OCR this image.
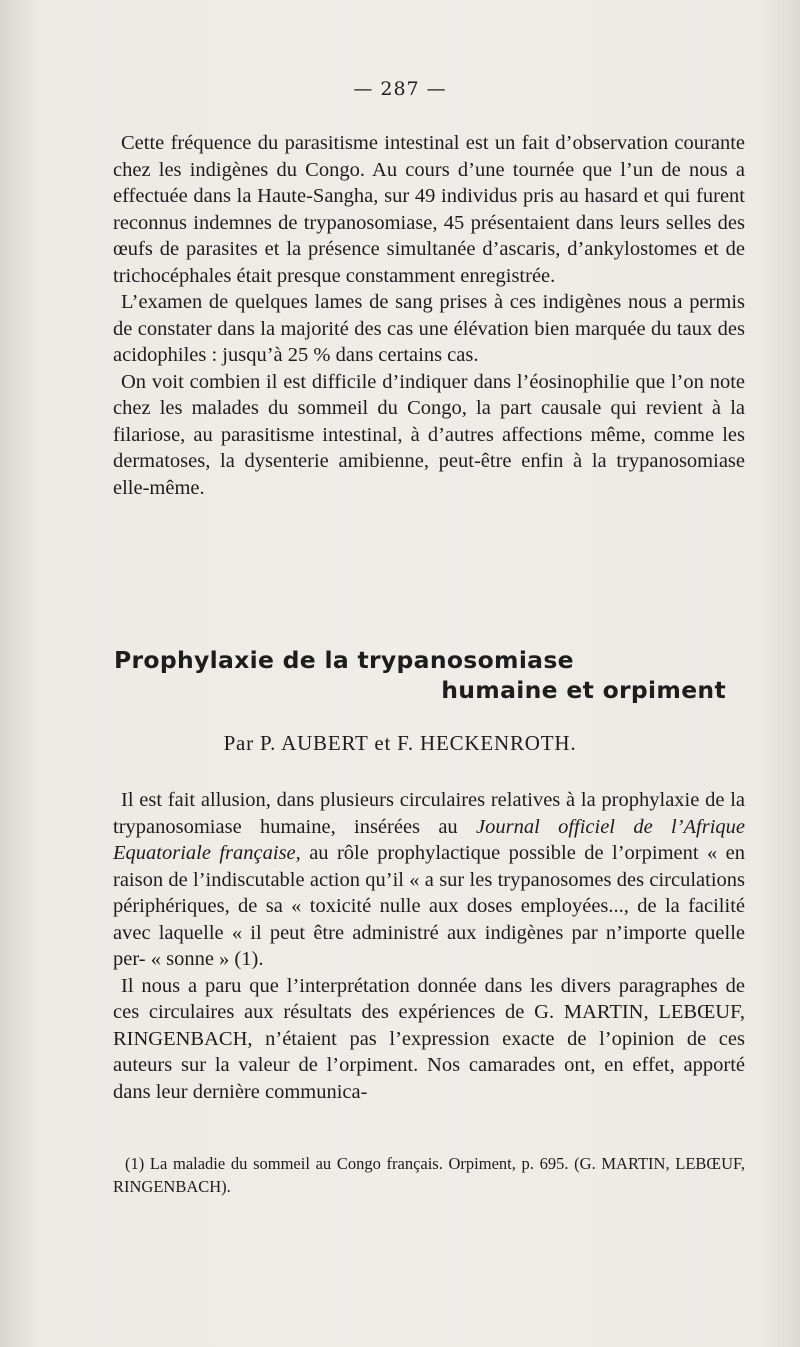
— 287 —

Cette fréquence du parasitisme intestinal est un fait d’observation courante chez les indigènes du Congo. Au cours d’une tournée que l’un de nous a effectuée dans la Haute-Sangha, sur 49 individus pris au hasard et qui furent reconnus indemnes de trypanosomiase, 45 présentaient dans leurs selles des œufs de parasites et la présence simultanée d’ascaris, d’ankylostomes et de trichocéphales était presque constamment enregistrée.

L’examen de quelques lames de sang prises à ces indigènes nous a permis de constater dans la majorité des cas une élévation bien marquée du taux des acidophiles : jusqu’à 25 % dans certains cas.

On voit combien il est difficile d’indiquer dans l’éosinophilie que l’on note chez les malades du sommeil du Congo, la part causale qui revient à la filariose, au parasitisme intestinal, à d’autres affections même, comme les dermatoses, la dysenterie amibienne, peut-être enfin à la trypanosomiase elle-même.

Prophylaxie de la trypanosomiase
humaine et orpiment
Par P. AUBERT et F. HECKENROTH.

Il est fait allusion, dans plusieurs circulaires relatives à la prophylaxie de la trypanosomiase humaine, insérées au Journal officiel de l’Afrique Equatoriale française, au rôle prophylactique possible de l’orpiment « en raison de l’indiscutable action qu’il « a sur les trypanosomes des circulations périphériques, de sa « toxicité nulle aux doses employées..., de la facilité avec laquelle « il peut être administré aux indigènes par n’importe quelle per- « sonne » (1).

Il nous a paru que l’interprétation donnée dans les divers paragraphes de ces circulaires aux résultats des expériences de G. MARTIN, LEBŒUF, RINGENBACH, n’étaient pas l’expression exacte de l’opinion de ces auteurs sur la valeur de l’orpiment. Nos camarades ont, en effet, apporté dans leur dernière communica-

(1) La maladie du sommeil au Congo français. Orpiment, p. 695. (G. MARTIN, LEBŒUF, RINGENBACH).
